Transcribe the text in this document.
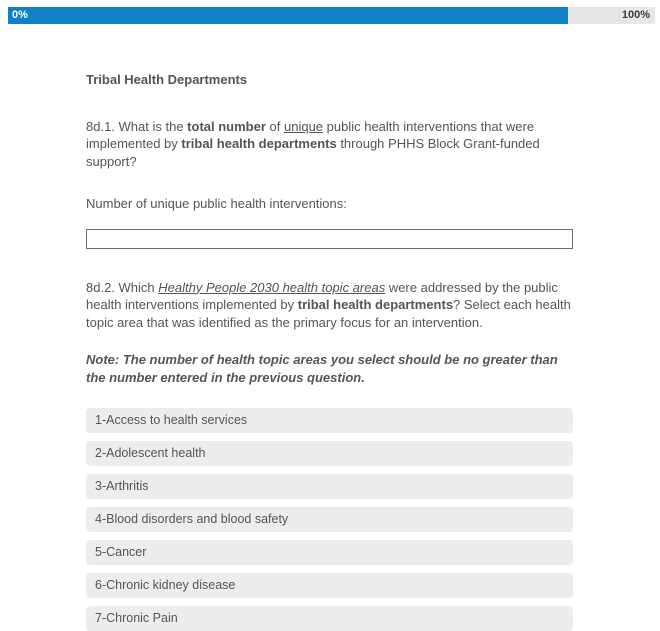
0%	100%
Tribal Health Departments

8d.1. What is the total number of unique public health interventions that were implemented by tribal health departments through PHHS Block Grant-funded support?

Number of unique public health interventions:

8d.2. Which Healthy People 2030 health topic areas were addressed by the public health interventions implemented by tribal health departments? Select each health topic area that was identified as the primary focus for an intervention.

Note: The number of health topic areas you select should be no greater than the number entered in the previous question.

1-Access to health services
2-Adolescent health
3-Arthritis
4-Blood disorders and blood safety
5-Cancer
6-Chronic kidney disease
7-Chronic Pain
